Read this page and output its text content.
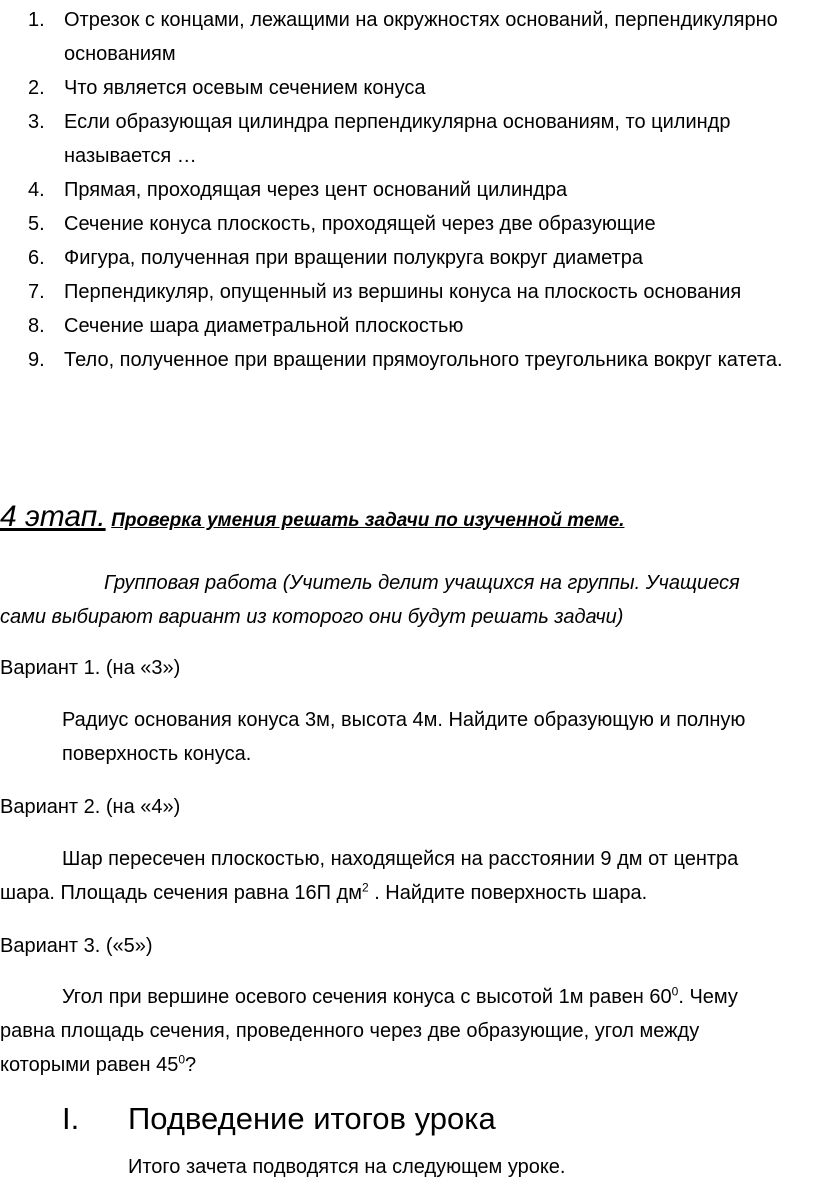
1. Отрезок с концами, лежащими на окружностях оснований, перпендикулярно основаниям
2. Что является осевым сечением конуса
3. Если образующая цилиндра перпендикулярна основаниям, то цилиндр называется …
4. Прямая, проходящая через цент оснований цилиндра
5. Сечение конуса плоскость, проходящей через две образующие
6. Фигура, полученная при вращении полукруга вокруг диаметра
7. Перпендикуляр, опущенный из вершины конуса на плоскость основания
8. Сечение шара диаметральной плоскостью
9. Тело, полученное при вращении прямоугольного треугольника вокруг катета.
4 этап. Проверка умения решать задачи по изученной теме.

Групповая работа (Учитель делит учащихся на группы. Учащиеся

сами выбирают вариант из которого они будут решать задачи)

Вариант 1. (на «3»)

Радиус основания конуса 3м, высота 4м. Найдите образующую и полную поверхность конуса.

Вариант 2. (на «4»)

Шар пересечен плоскостью, находящейся на расстоянии 9 дм от центра

шара. Площадь сечения равна 16П $дм^2$ . Найдите поверхность шара.

Вариант 3. («5»)

Угол при вершине осевого сечения конуса с высотой 1м равен $60^0$. Чему

равна площадь сечения, проведенного через две образующие, угол между

которыми равен $45^0$?

I. Подведение итогов урока
Итого зачета подводятся на следующем уроке.
